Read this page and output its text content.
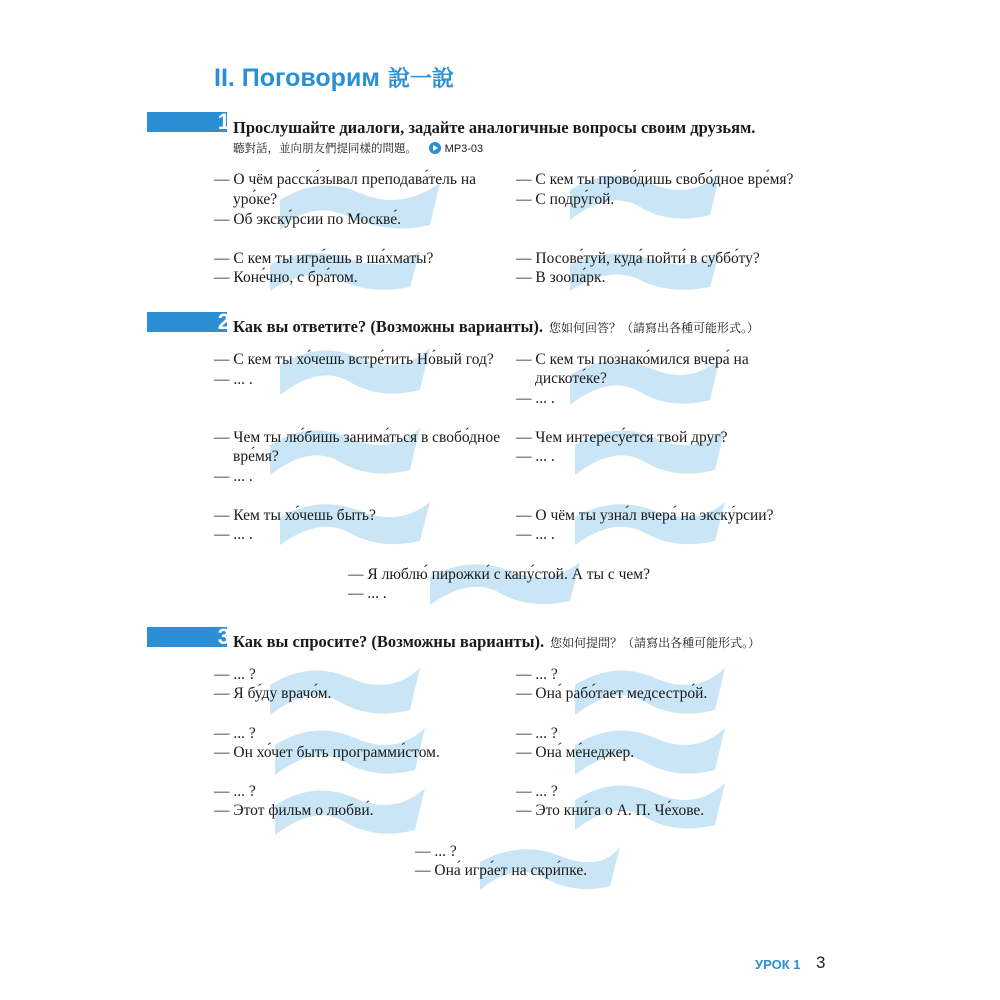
II. Поговорим 說一說
1 Прослушайте диалоги, задайте аналогичные вопросы своим друзьям.
聽對話，並向朋友們提同樣的問題。	MP3-03
— О чём расска́зывал преподава́тель на
уро́ке?
— Об экску́рсии по Москве́.
— С кем ты прово́дишь свобо́дное вре́мя?
— С подру́гой.
— С кем ты игра́ешь в ша́хматы?
— Коне́чно, с бра́том.
— Посове́туй, куда́ пойти́ в суббо́ту?
— В зоопа́рк.
2 Как вы ответите? (Возможны варианты). 您如何回答？（請寫出各種可能形式。）
— С кем ты хо́чешь встре́тить Но́вый год?
— ... .
— С кем ты познако́мился вчера́ на
дискоте́ке?
— ... .
— Чем ты лю́бишь занима́ться в свобо́дное
вре́мя?
— ... .
— Чем интересу́ется твой друг?
— ... .
— Кем ты хо́чешь быть?
— ... .
— О чём ты узна́л вчера́ на экску́рсии?
— ... .
— Я люблю́ пирожки́ с капу́стой. А ты с чем?
— ... .
3 Как вы спросите? (Возможны варианты). 您如何提問？（請寫出各種可能形式。）
— ... ?
— Я бу́ду врачо́м.
— ... ?
— Она́ рабо́тает медсестро́й.
— ... ?
— Он хо́чет быть программи́стом.
— ... ?
— Она́ ме́неджер.
— ... ?
— Этот фильм о любви́.
— ... ?
— Это кни́га о А. П. Че́хове.
— ... ?
— Она́ игра́ет на скри́пке.
УРОК 1 3
